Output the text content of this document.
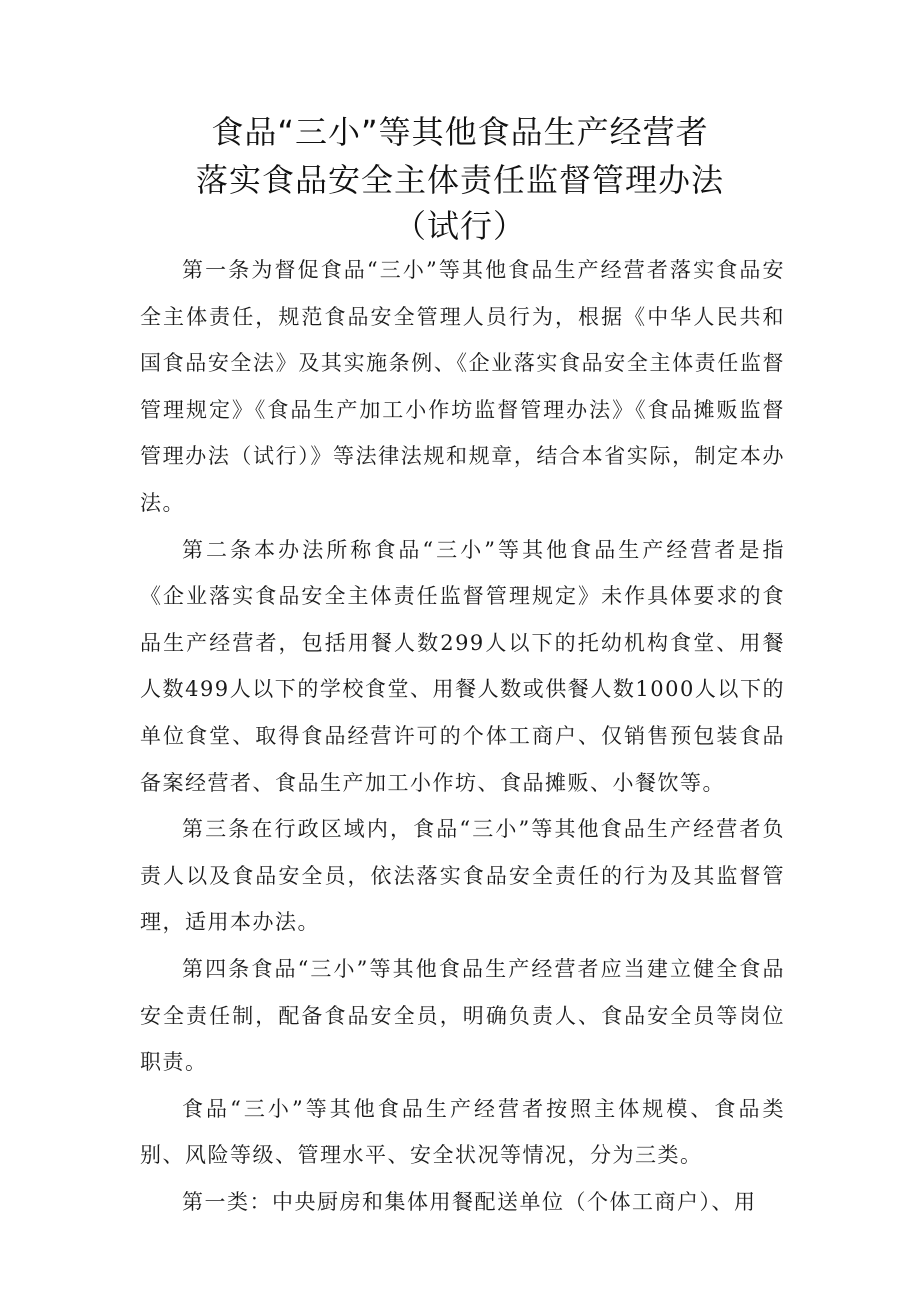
食品“三小”等其他食品生产经营者
落实食品安全主体责任监督管理办法
（试行）

第一条为督促食品“三小”等其他食品生产经营者落实食品安全主体责任，规范食品安全管理人员行为，根据《中华人民共和国食品安全法》及其实施条例、《企业落实食品安全主体责任监督管理规定》《食品生产加工小作坊监督管理办法》《食品摊贩监督管理办法（试行）》等法律法规和规章，结合本省实际，制定本办法。

第二条本办法所称食品“三小”等其他食品生产经营者是指《企业落实食品安全主体责任监督管理规定》未作具体要求的食品生产经营者，包括用餐人数299人以下的托幼机构食堂、用餐人数499人以下的学校食堂、用餐人数或供餐人数1000人以下的单位食堂、取得食品经营许可的个体工商户、仅销售预包装食品备案经营者、食品生产加工小作坊、食品摊贩、小餐饮等。

第三条在行政区域内，食品“三小”等其他食品生产经营者负责人以及食品安全员，依法落实食品安全责任的行为及其监督管理，适用本办法。

第四条食品“三小”等其他食品生产经营者应当建立健全食品安全责任制，配备食品安全员，明确负责人、食品安全员等岗位职责。

食品“三小”等其他食品生产经营者按照主体规模、食品类别、风险等级、管理水平、安全状况等情况，分为三类。

第一类：中央厨房和集体用餐配送单位（个体工商户）、用
